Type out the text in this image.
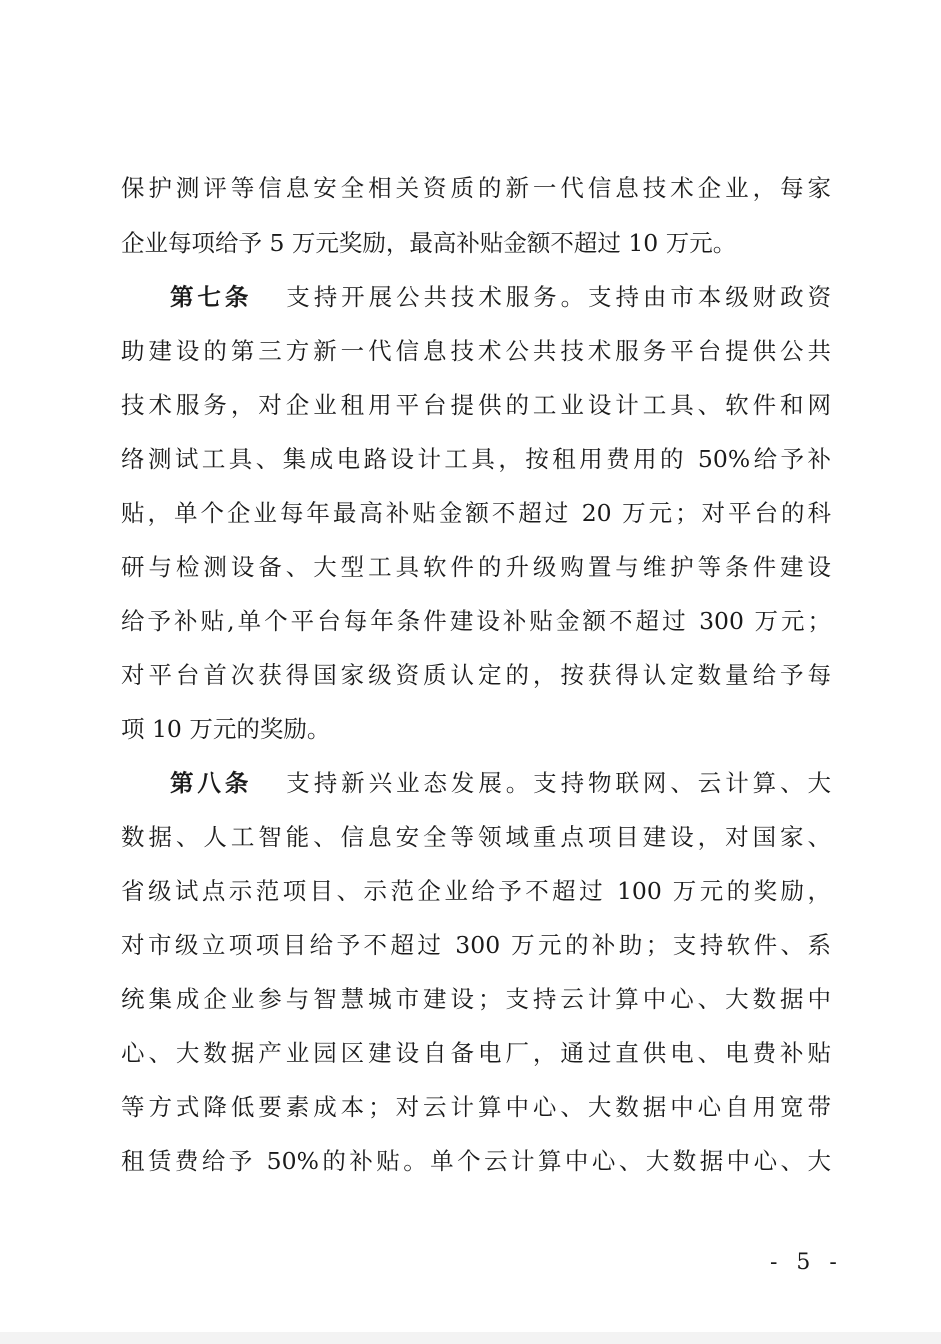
保护测评等信息安全相关资质的新一代信息技术企业，每家
企业每项给予 5 万元奖励，最高补贴金额不超过 10 万元。
第七条 支持开展公共技术服务。支持由市本级财政资
助建设的第三方新一代信息技术公共技术服务平台提供公共
技术服务，对企业租用平台提供的工业设计工具、软件和网
络测试工具、集成电路设计工具，按租用费用的 50%给予补
贴，单个企业每年最高补贴金额不超过 20 万元；对平台的科
研与检测设备、大型工具软件的升级购置与维护等条件建设
给予补贴,单个平台每年条件建设补贴金额不超过 300 万元；
对平台首次获得国家级资质认定的，按获得认定数量给予每
项 10 万元的奖励。
第八条 支持新兴业态发展。支持物联网、云计算、大
数据、人工智能、信息安全等领域重点项目建设，对国家、
省级试点示范项目、示范企业给予不超过 100 万元的奖励，
对市级立项项目给予不超过 300 万元的补助；支持软件、系
统集成企业参与智慧城市建设；支持云计算中心、大数据中
心、大数据产业园区建设自备电厂，通过直供电、电费补贴
等方式降低要素成本；对云计算中心、大数据中心自用宽带
租赁费给予 50%的补贴。单个云计算中心、大数据中心、大
- 5 -
